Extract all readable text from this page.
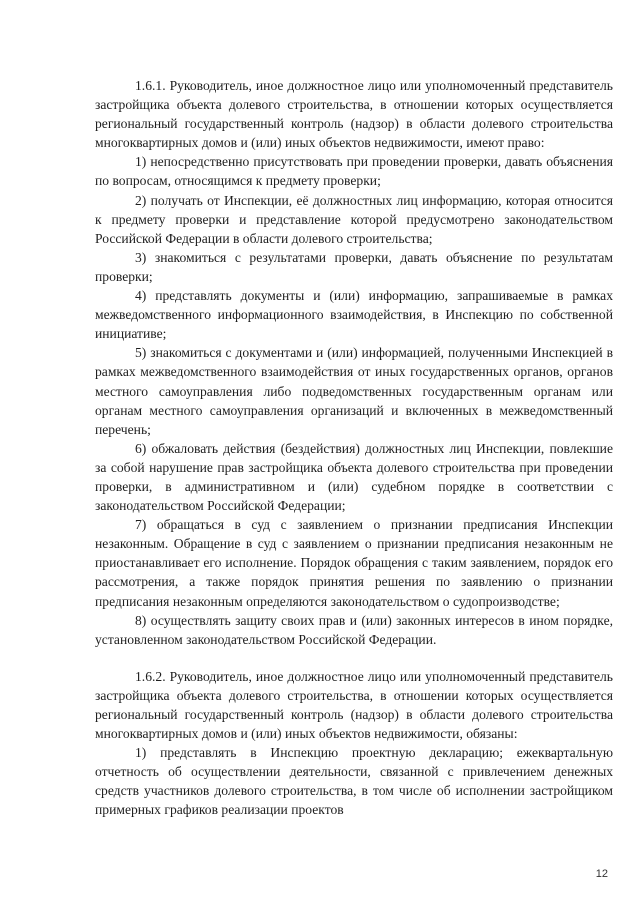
1.6.1. Руководитель, иное должностное лицо или уполномоченный представитель застройщика объекта долевого строительства, в отношении которых осуществляется региональный государственный контроль (надзор) в области долевого строительства многоквартирных домов и (или) иных объектов недвижимости, имеют право:

1) непосредственно присутствовать при проведении проверки, давать объяснения по вопросам, относящимся к предмету проверки;

2) получать от Инспекции, её должностных лиц информацию, которая относится к предмету проверки и представление которой предусмотрено законодательством Российской Федерации в области долевого строительства;

3) знакомиться с результатами проверки, давать объяснение по результатам проверки;

4) представлять документы и (или) информацию, запрашиваемые в рамках межведомственного информационного взаимодействия, в Инспекцию по собственной инициативе;

5) знакомиться с документами и (или) информацией, полученными Инспекцией в рамках межведомственного взаимодействия от иных государственных органов, органов местного самоуправления либо подведомственных государственным органам или органам местного самоуправления организаций и включенных в межведомственный перечень;

6) обжаловать действия (бездействия) должностных лиц Инспекции, повлекшие за собой нарушение прав застройщика объекта долевого строительства при проведении проверки, в административном и (или) судебном порядке в соответствии с законодательством Российской Федерации;

7) обращаться в суд с заявлением о признании предписания Инспекции незаконным. Обращение в суд с заявлением о признании предписания незаконным не приостанавливает его исполнение. Порядок обращения с таким заявлением, порядок его рассмотрения, а также порядок принятия решения по заявлению о признании предписания незаконным определяются законодательством о судопроизводстве;

8) осуществлять защиту своих прав и (или) законных интересов в ином порядке, установленном законодательством Российской Федерации.

1.6.2. Руководитель, иное должностное лицо или уполномоченный представитель застройщика объекта долевого строительства, в отношении которых осуществляется региональный государственный контроль (надзор) в области долевого строительства многоквартирных домов и (или) иных объектов недвижимости, обязаны:

1) представлять в Инспекцию проектную декларацию; ежеквартальную отчетность об осуществлении деятельности, связанной с привлечением денежных средств участников долевого строительства, в том числе об исполнении застройщиком примерных графиков реализации проектов

12
